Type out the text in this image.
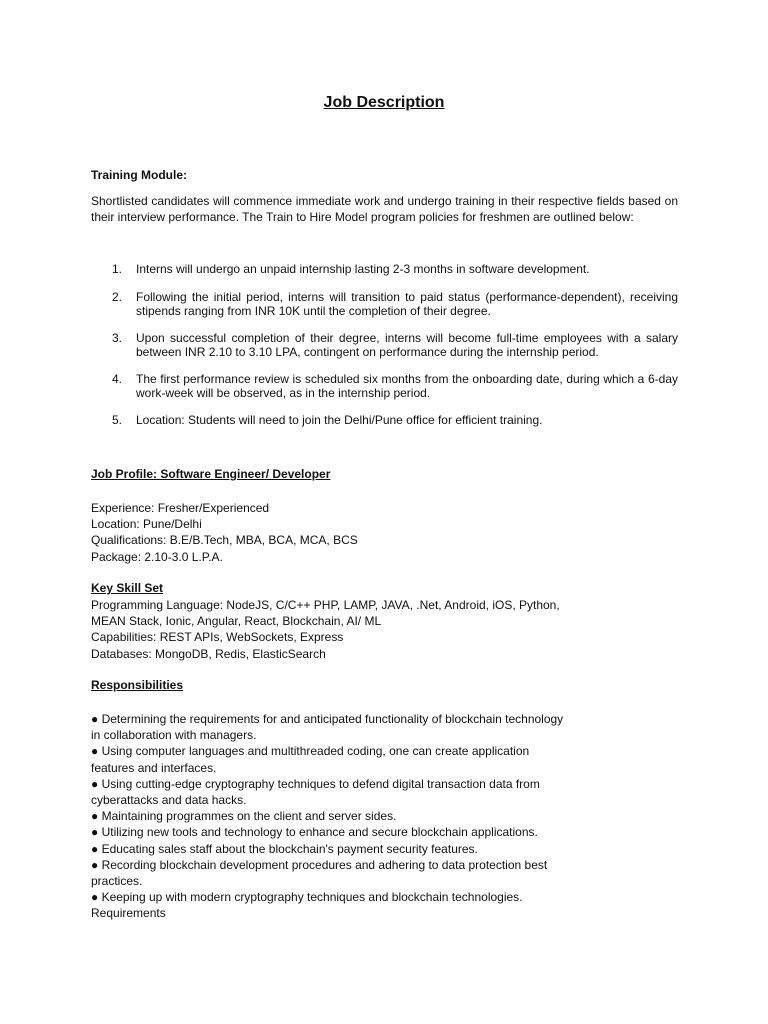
Job Description

Training Module:

Shortlisted candidates will commence immediate work and undergo training in their respective fields based on their interview performance. The Train to Hire Model program policies for freshmen are outlined below:

1. Interns will undergo an unpaid internship lasting 2-3 months in software development.
2. Following the initial period, interns will transition to paid status (performance-dependent), receiving stipends ranging from INR 10K until the completion of their degree.
3. Upon successful completion of their degree, interns will become full-time employees with a salary between INR 2.10 to 3.10 LPA, contingent on performance during the internship period.
4. The first performance review is scheduled six months from the onboarding date, during which a 6-day work-week will be observed, as in the internship period.
5. Location: Students will need to join the Delhi/Pune office for efficient training.

Job Profile: Software Engineer/ Developer

Experience: Fresher/Experienced
Location: Pune/Delhi
Qualifications: B.E/B.Tech, MBA, BCA, MCA, BCS
Package: 2.10-3.0 L.P.A.

Key Skill Set

Programming Language: NodeJS, C/C++ PHP, LAMP, JAVA, .Net, Android, iOS, Python,
MEAN Stack, Ionic, Angular, React, Blockchain, AI/ ML
Capabilities: REST APIs, WebSockets, Express
Databases: MongoDB, Redis, ElasticSearch

Responsibilities

● Determining the requirements for and anticipated functionality of blockchain technology
in collaboration with managers.
● Using computer languages and multithreaded coding, one can create application
features and interfaces.
● Using cutting-edge cryptography techniques to defend digital transaction data from
cyberattacks and data hacks.
● Maintaining programmes on the client and server sides.
● Utilizing new tools and technology to enhance and secure blockchain applications.
● Educating sales staff about the blockchain's payment security features.
● Recording blockchain development procedures and adhering to data protection best
practices.
● Keeping up with modern cryptography techniques and blockchain technologies.
Requirements
